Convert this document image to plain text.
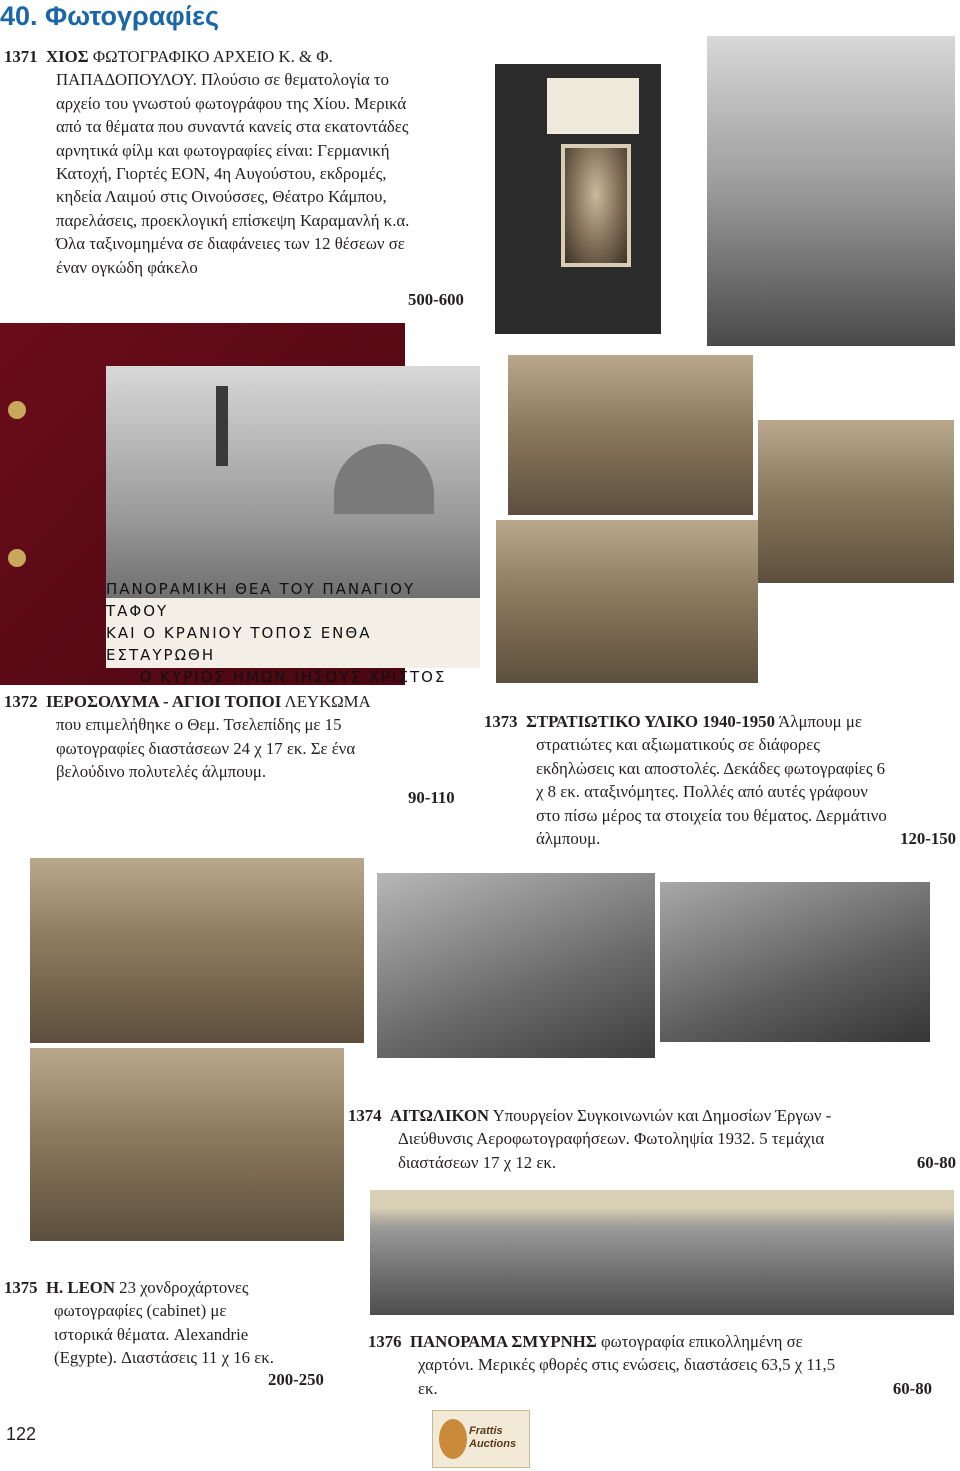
40. Φωτογραφίες
1371 ΧΙΟΣ ΦΩΤΟΓΡΑΦΙΚΟ ΑΡΧΕΙΟ Κ. & Φ.
ΠΑΠΑΔΟΠΟΥΛΟΥ. Πλούσιο σε θεματολογία το
αρχείο του γνωστού φωτογράφου της Χίου. Μερικά
από τα θέματα που συναντά κανείς στα εκατοντάδες
αρνητικά φίλμ και φωτογραφίες είναι: Γερμανική
Κατοχή, Γιορτές ΕΟΝ, 4η Αυγούστου, εκδρομές,
κηδεία Λαιμού στις Οινούσσες, Θέατρο Κάμπου,
παρελάσεις, προεκλογική επίσκεψη Καραμανλή κ.α.
Όλα ταξινομημένα σε διαφάνειες των 12 θέσεων σε
έναν ογκώδη φάκελο
500-600
ΠΑΝΟΡΑΜΙΚΗ ΘΕΑ ΤΟΥ ΠΑΝΑΓΙΟΥ ΤΑΦΟΥ
ΚΑΙ Ο ΚΡΑΝΙΟΥ ΤΟΠΟΣ ΕΝΘΑ ΕΣΤΑΥΡΩΘΗ
Ο ΚΥΡΙΟΣ ΗΜΩΝ ΙΗΣΟΥΣ ΧΡΙΣΤΟΣ
1372 ΙΕΡΟΣΟΛΥΜΑ - ΑΓΙΟΙ ΤΟΠΟΙ ΛΕΥΚΩΜΑ
που επιμελήθηκε ο Θεμ. Τσελεπίδης με 15
φωτογραφίες διαστάσεων 24 χ 17 εκ. Σε ένα
βελούδινο πολυτελές άλμπουμ.
90-110
1373 ΣΤΡΑΤΙΩΤΙΚΟ ΥΛΙΚΟ 1940-1950 Άλμπουμ με
στρατιώτες και αξιωματικούς σε διάφορες
εκδηλώσεις και αποστολές. Δεκάδες φωτογραφίες 6
χ 8 εκ. αταξινόμητες. Πολλές από αυτές γράφουν
στο πίσω μέρος τα στοιχεία του θέματος. Δερμάτινο
άλμπουμ.	120-150
1374 ΑΙΤΩΛΙΚΟΝ Υπουργείον Συγκοινωνιών και Δημοσίων Έργων -
Διεύθυνσις Αεροφωτογραφήσεων. Φωτοληψία 1932. 5 τεμάχια
διαστάσεων 17 χ 12 εκ.	60-80
1375 H. LEON 23 χονδροχάρτονες
φωτογραφίες (cabinet) με
ιστορικά θέματα. Alexandrie
(Egypte). Διαστάσεις 11 χ 16 εκ.
200-250
1376 ΠΑΝΟΡΑΜΑ ΣΜΥΡΝΗΣ φωτογραφία επικολλημένη σε
χαρτόνι. Μερικές φθορές στις ενώσεις, διαστάσεις 63,5 χ 11,5
εκ.	60-80
122	Frattis Auctions
